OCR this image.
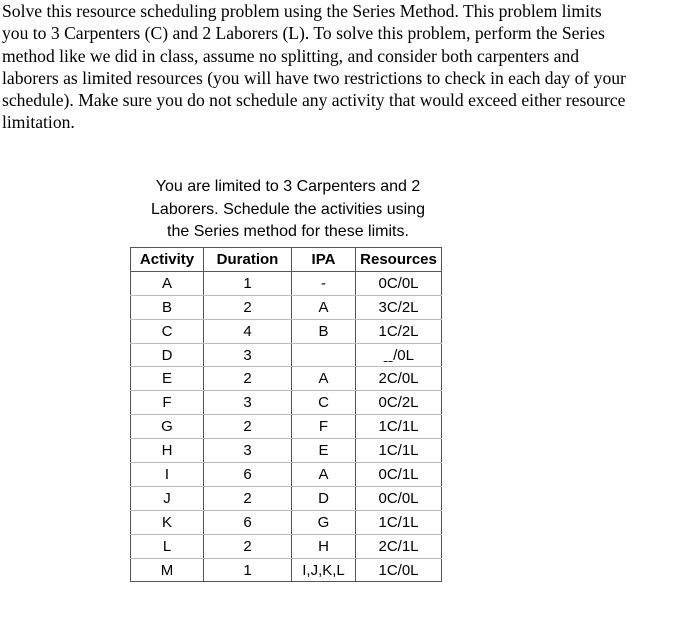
Solve this resource scheduling problem using the Series Method. This problem limits
you to 3 Carpenters (C) and 2 Laborers (L). To solve this problem, perform the Series
method like we did in class, assume no splitting, and consider both carpenters and
laborers as limited resources (you will have two restrictions to check in each day of your
schedule). Make sure you do not schedule any activity that would exceed either resource
limitation.

You are limited to 3 Carpenters and 2
Laborers. Schedule the activities using
the Series method for these limits.
Activity	Duration	IPA	Resources
A	1	-	0C/0L
B	2	A	3C/2L
C	4	B	1C/2L
D	3		ˍˍ/0L
E	2	A	2C/0L
F	3	C	0C/2L
G	2	F	1C/1L
H	3	E	1C/1L
I	6	A	0C/1L
J	2	D	0C/0L
K	6	G	1C/1L
L	2	H	2C/1L
M	1	I,J,K,L	1C/0L
